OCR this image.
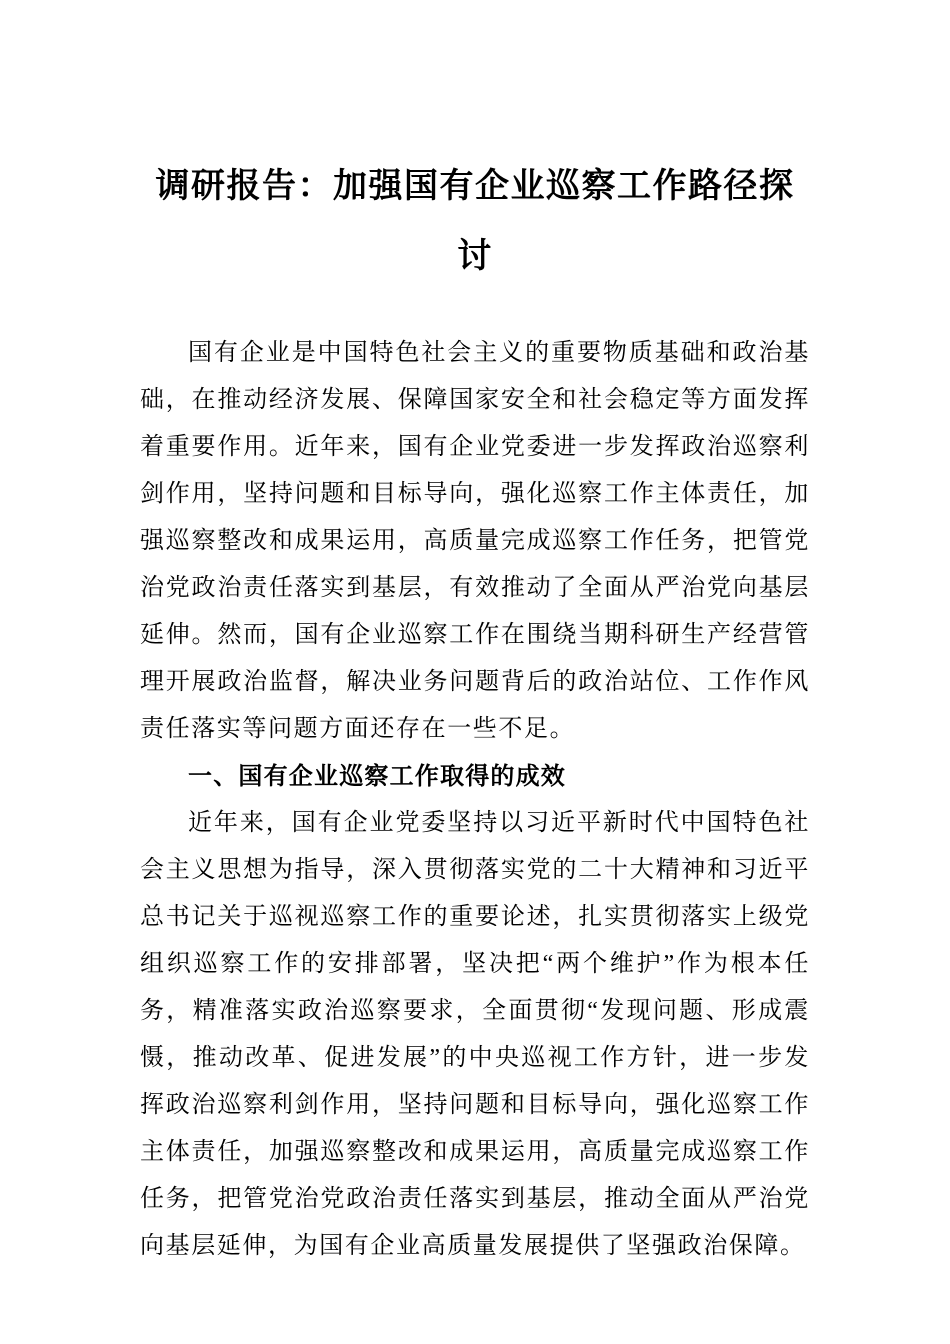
调研报告：加强国有企业巡察工作路径探讨

国有企业是中国特色社会主义的重要物质基础和政治基础，在推动经济发展、保障国家安全和社会稳定等方面发挥着重要作用。近年来，国有企业党委进一步发挥政治巡察利剑作用，坚持问题和目标导向，强化巡察工作主体责任，加强巡察整改和成果运用，高质量完成巡察工作任务，把管党治党政治责任落实到基层，有效推动了全面从严治党向基层延伸。然而，国有企业巡察工作在围绕当期科研生产经营管理开展政治监督，解决业务问题背后的政治站位、工作作风责任落实等问题方面还存在一些不足。

一、国有企业巡察工作取得的成效

近年来，国有企业党委坚持以习近平新时代中国特色社会主义思想为指导，深入贯彻落实党的二十大精神和习近平总书记关于巡视巡察工作的重要论述，扎实贯彻落实上级党组织巡察工作的安排部署，坚决把“两个维护”作为根本任务，精准落实政治巡察要求，全面贯彻“发现问题、形成震慑，推动改革、促进发展”的中央巡视工作方针，进一步发挥政治巡察利剑作用，坚持问题和目标导向，强化巡察工作主体责任，加强巡察整改和成果运用，高质量完成巡察工作任务，把管党治党政治责任落实到基层，推动全面从严治党向基层延伸，为国有企业高质量发展提供了坚强政治保障。
